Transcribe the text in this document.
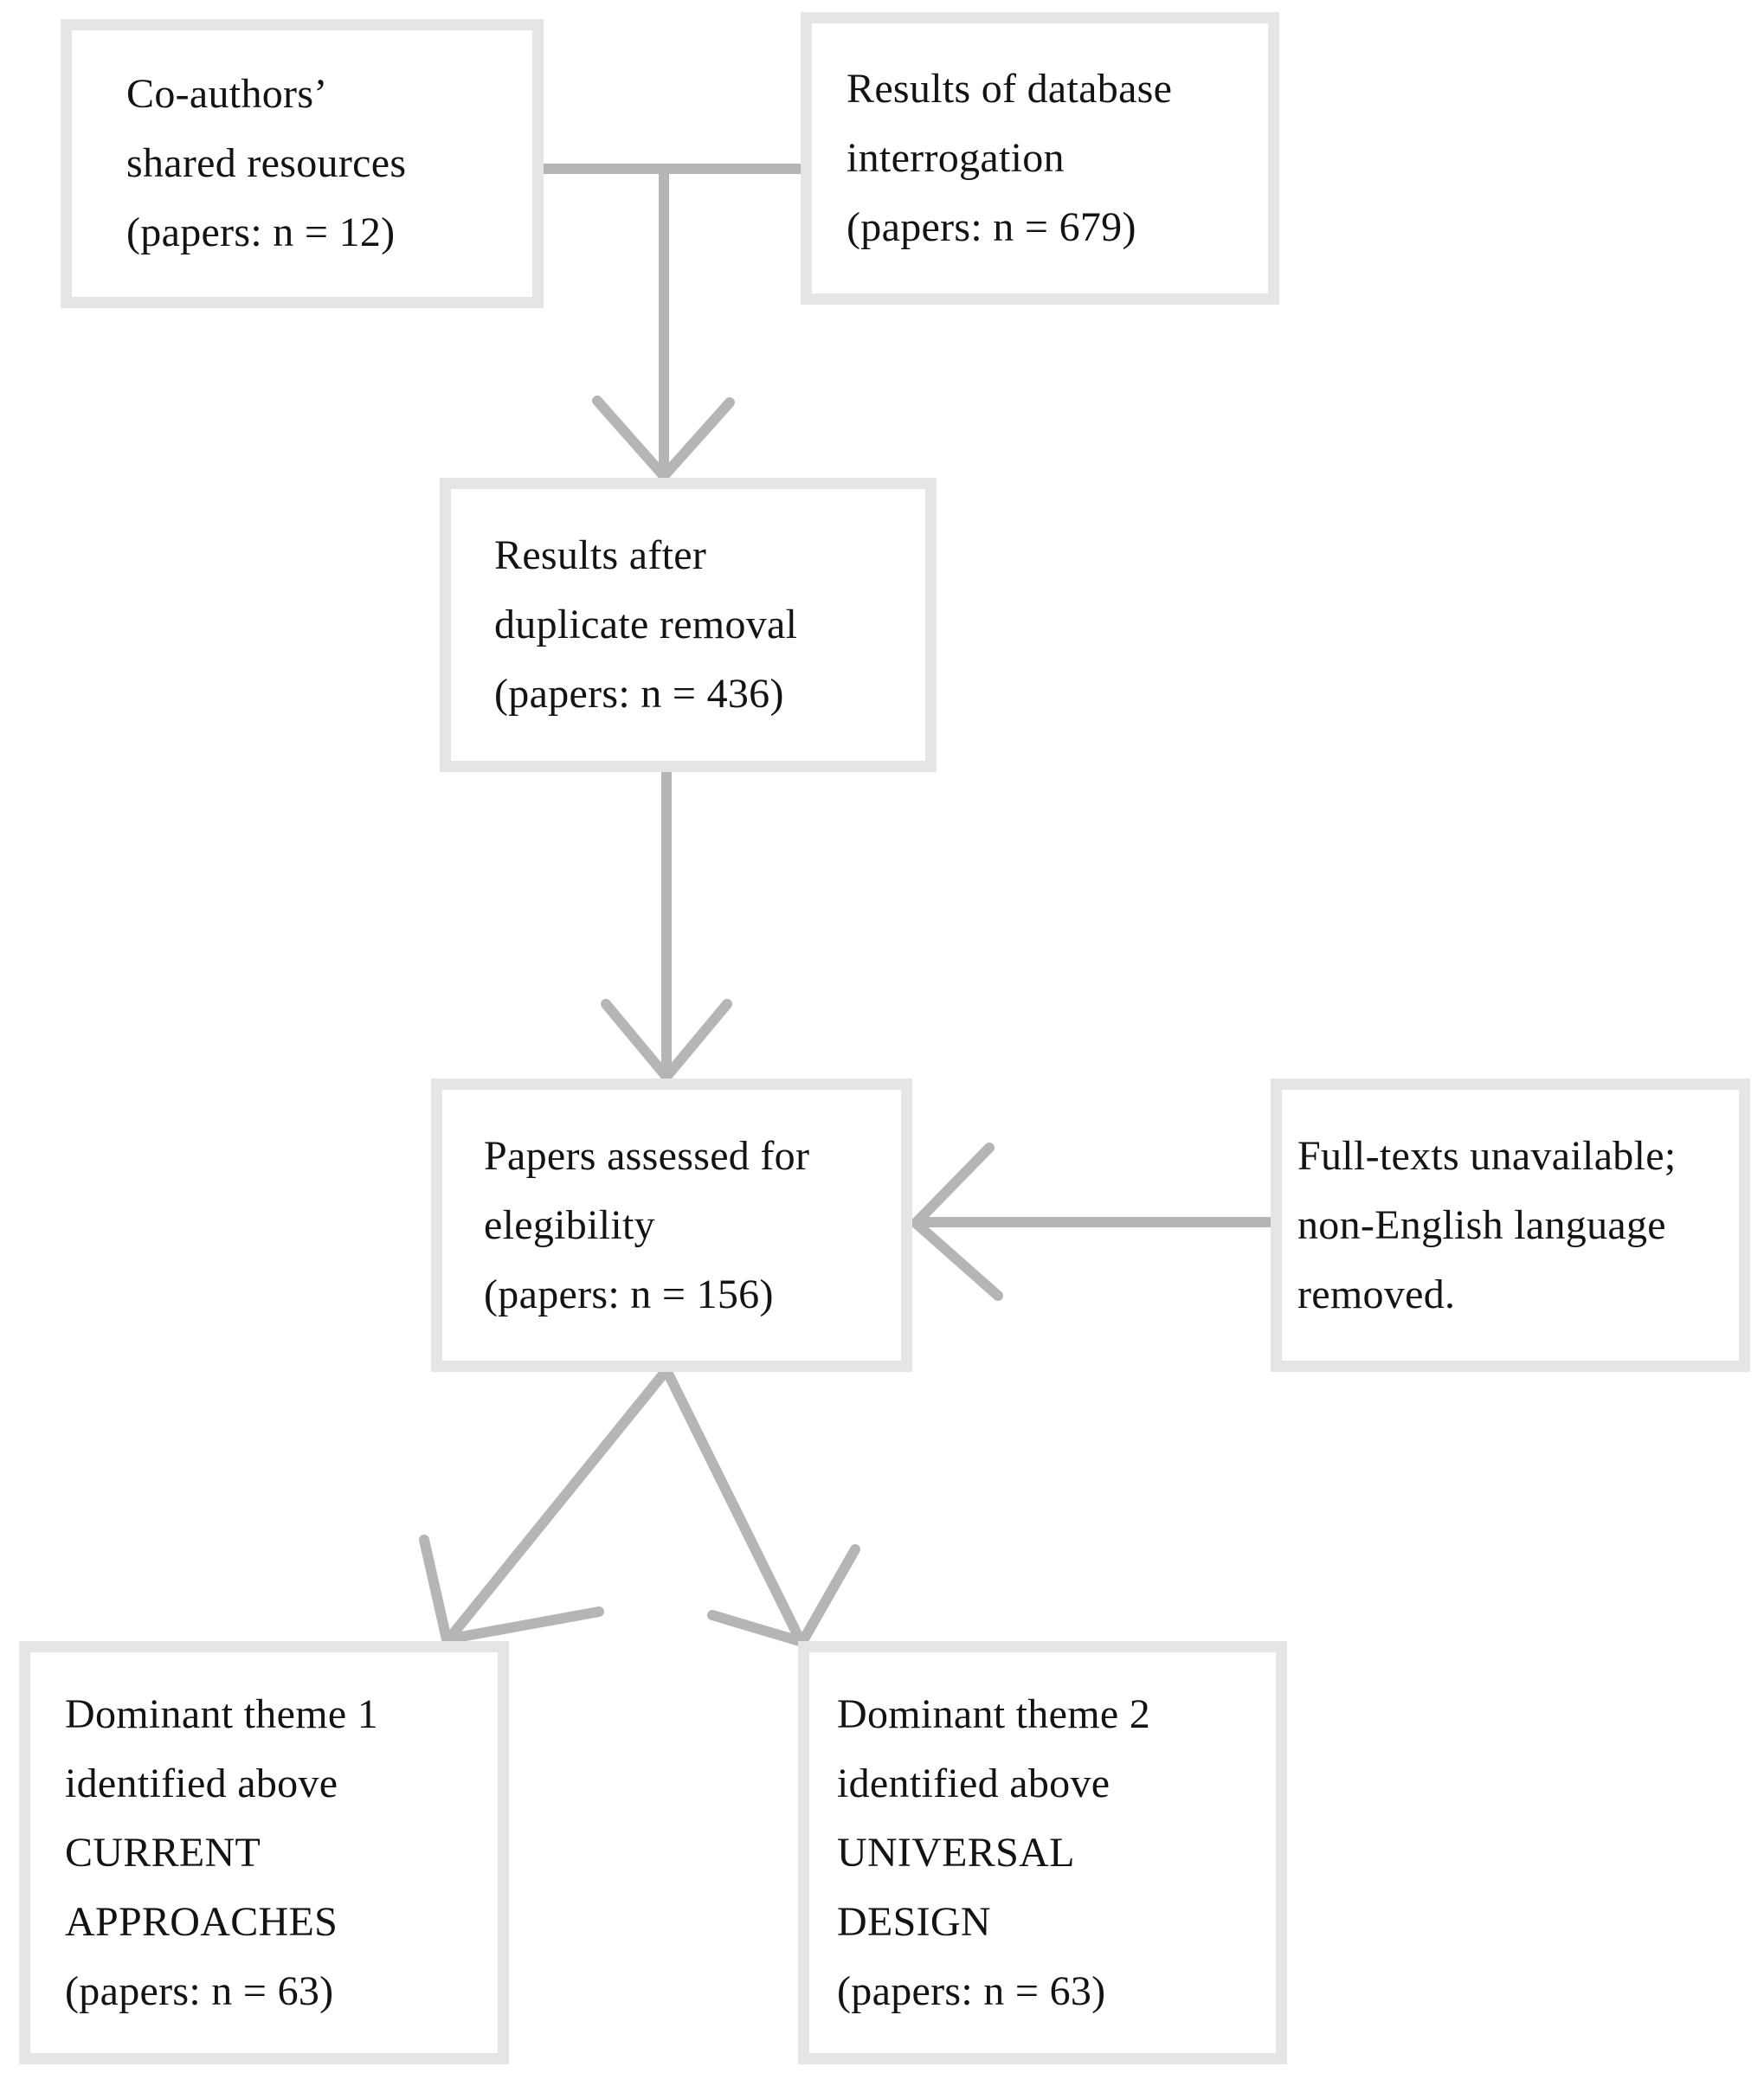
Co-authors’
shared resources
(papers: n = 12)
Results of database
interrogation
(papers: n = 679)
Results after
duplicate removal
(papers: n = 436)
Papers assessed for
elegibility
(papers: n = 156)
Full-texts unavailable;
non-English language
removed.
Dominant theme 1
identified above
CURRENT
APPROACHES
(papers: n = 63)
Dominant theme 2
identified above
UNIVERSAL
DESIGN
(papers: n = 63)
